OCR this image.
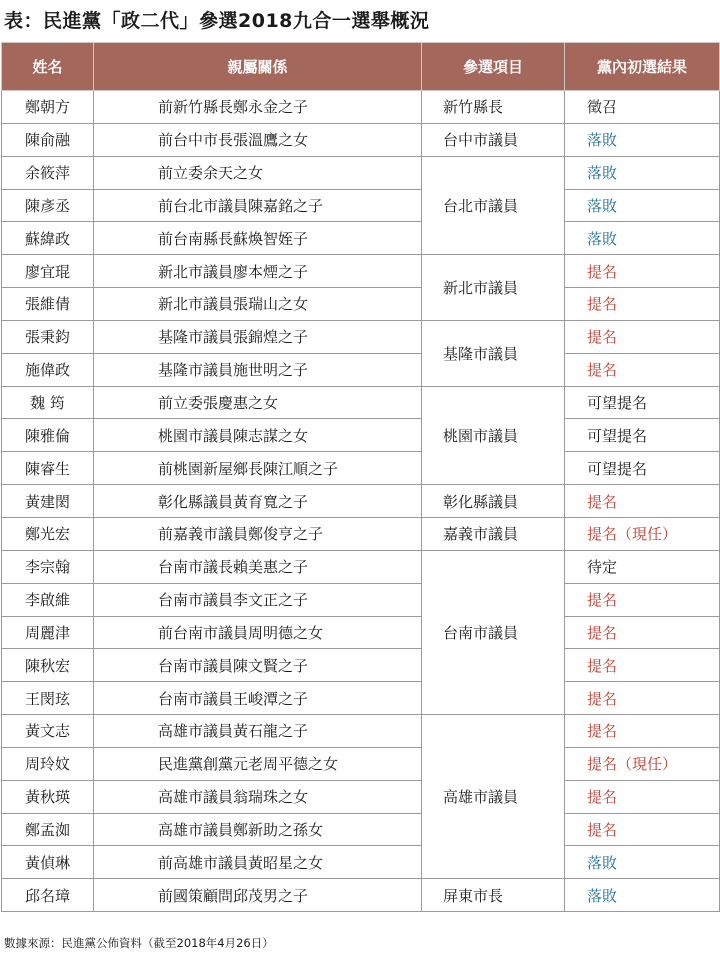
表：民進黨「政二代」參選2018九合一選舉概況
姓名	親屬關係	參選項目	黨內初選結果
鄭朝方	前新竹縣長鄭永金之子	新竹縣長	徵召
陳俞融	前台中市長張溫鷹之女	台中市議員	落敗
余筱萍	前立委余天之女	台北市議員	落敗
陳彥丞	前台北市議員陳嘉銘之子		落敗
蘇緯政	前台南縣長蘇煥智姪子		落敗
廖宜琨	新北市議員廖本煙之子	新北市議員	提名
張維倩	新北市議員張瑞山之女		提名
張秉鈞	基隆市議員張錦煌之子	基隆市議員	提名
施偉政	基隆市議員施世明之子		提名
魏 筠	前立委張慶惠之女	桃園市議員	可望提名
陳雅倫	桃園市議員陳志謀之女		可望提名
陳睿生	前桃園新屋鄉長陳江順之子		可望提名
黃建閎	彰化縣議員黃育寬之子	彰化縣議員	提名
鄭光宏	前嘉義市議員鄭俊亨之子	嘉義市議員	提名（現任）
李宗翰	台南市議長賴美惠之子	台南市議員	待定
李啟維	台南市議員李文正之子		提名
周麗津	前台南市議員周明德之女		提名
陳秋宏	台南市議員陳文賢之子		提名
王閔玹	台南市議員王峻潭之子		提名
黃文志	高雄市議員黃石龍之子	高雄市議員	提名
周玲妏	民進黨創黨元老周平德之女		提名（現任）
黃秋瑛	高雄市議員翁瑞珠之女		提名
鄭孟洳	高雄市議員鄭新助之孫女		提名
黃偵琳	前高雄市議員黃昭星之女		落敗
邱名璋	前國策顧問邱茂男之子	屏東市長	落敗
數據來源：民進黨公佈資料（截至2018年4月26日）
